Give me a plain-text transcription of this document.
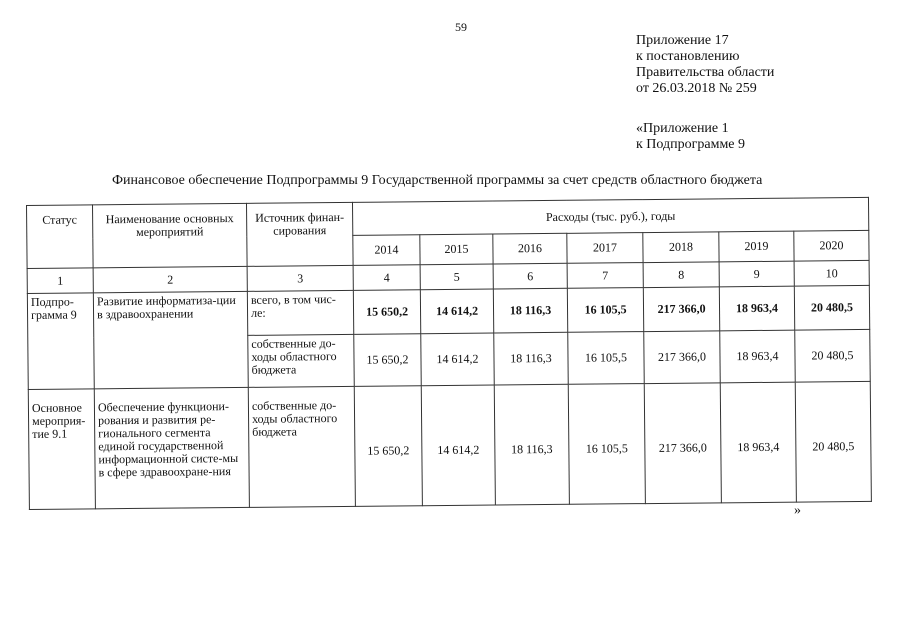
59
Приложение 17
к постановлению
Правительства области
от 26.03.2018 № 259
«Приложение 1
к Подпрограмме 9
Финансовое обеспечение Подпрограммы 9 Государственной программы за счет средств областного бюджета
Статус	Наименование основных мероприятий	Источник финан-сирования	Расходы (тыс. руб.), годы						
			2014	2015	2016	2017	2018	2019	2020
1	2	3	4	5	6	7	8	9	10
Подпро-грамма 9	Развитие информатиза-ции в здравоохранении	всего, в том чис-ле:	15 650,2	14 614,2	18 116,3	16 105,5	217 366,0	18 963,4	20 480,5
		собственные до-ходы областного бюджета	15 650,2	14 614,2	18 116,3	16 105,5	217 366,0	18 963,4	20 480,5
Основное мероприя-тие 9.1	Обеспечение функциони-рования и развития ре-гионального сегмента единой государственной информационной систе-мы в сфере здравоохране-ния	собственные до-ходы областного бюджета	15 650,2	14 614,2	18 116,3	16 105,5	217 366,0	18 963,4	20 480,5
»
